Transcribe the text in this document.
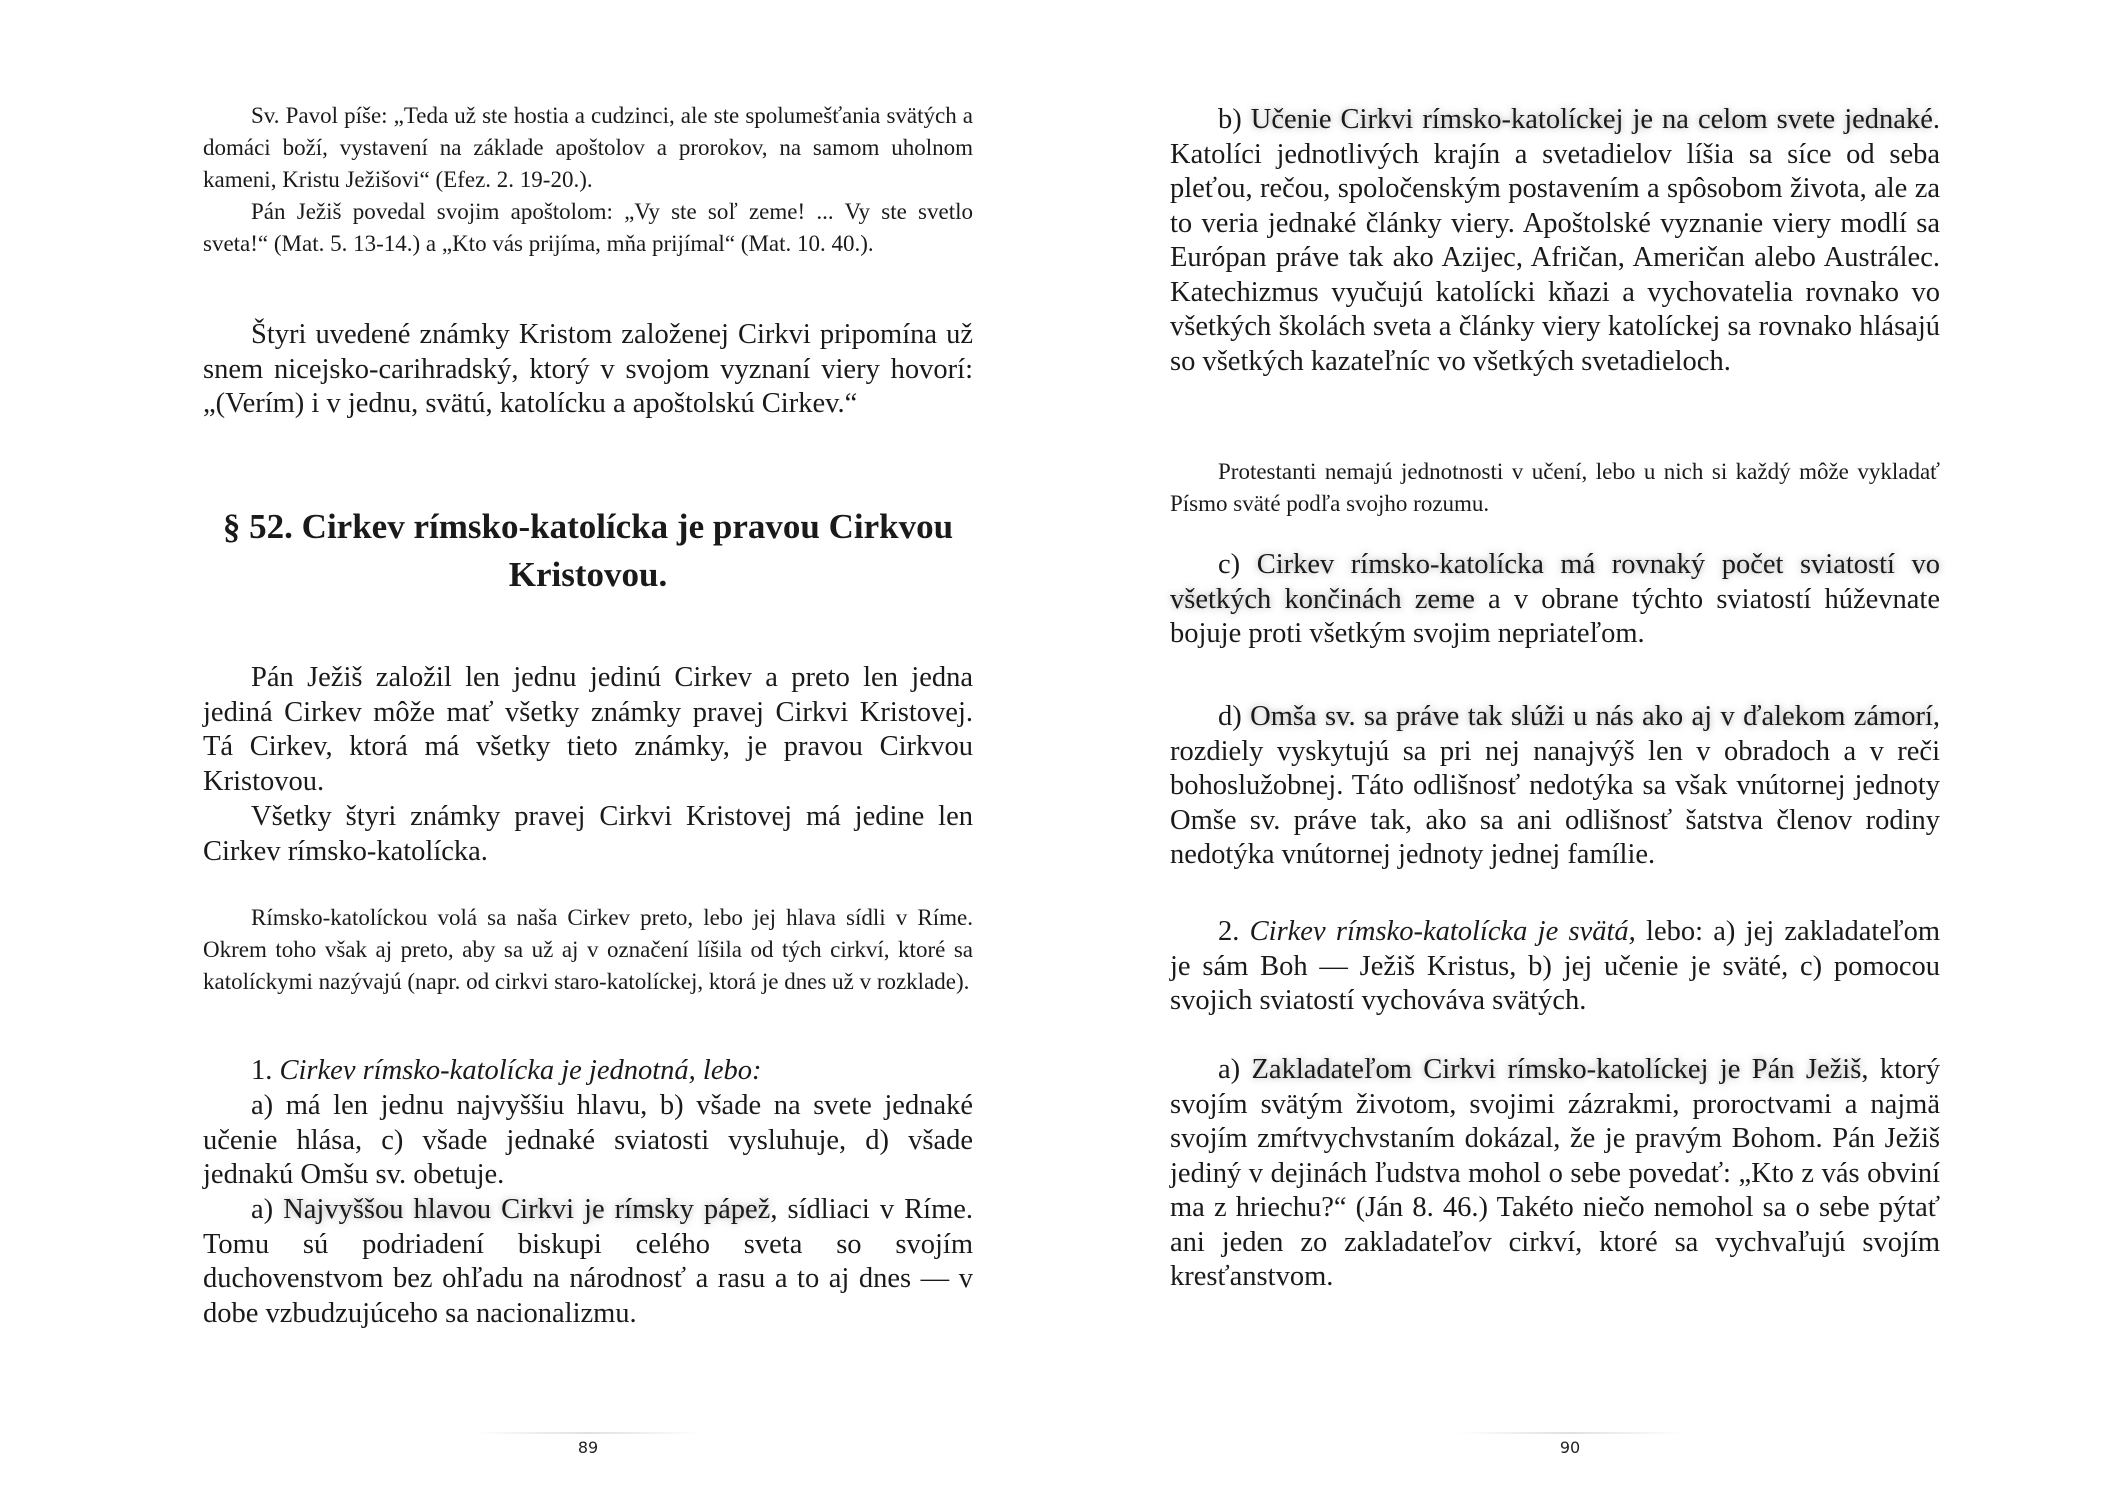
Sv. Pavol píše: „Teda už ste hostia a cudzinci, ale ste spolumešťania svätých a domáci boží, vystavení na základe apoštolov a prorokov, na samom uholnom kameni, Kristu Ježišovi“ (Efez. 2. 19-20.).

Pán Ježiš povedal svojim apoštolom: „Vy ste soľ zeme! ... Vy ste svetlo sveta!“ (Mat. 5. 13-14.) a „Kto vás prijíma, mňa prijímal“ (Mat. 10. 40.).

Štyri uvedené známky Kristom založenej Cirkvi pripomína už snem nicejsko-carihradský, ktorý v svojom vyznaní viery hovorí: „(Verím) i v jednu, svätú, katolícku a apoštolskú Cirkev.“

§ 52. Cirkev rímsko-katolícka je pravou Cirkvou Kristovou.

Pán Ježiš založil len jednu jedinú Cirkev a preto len jedna jediná Cirkev môže mať všetky známky pravej Cirkvi Kristovej. Tá Cirkev, ktorá má všetky tieto známky, je pravou Cirkvou Kristovou.

Všetky štyri známky pravej Cirkvi Kristovej má jedine len Cirkev rímsko-katolícka.

Rímsko-katolíckou volá sa naša Cirkev preto, lebo jej hlava sídli v Ríme. Okrem toho však aj preto, aby sa už aj v označení líšila od tých cirkví, ktoré sa katolíckymi nazývajú (napr. od cirkvi staro-katolíckej, ktorá je dnes už v rozklade).

1. Cirkev rímsko-katolícka je jednotná, lebo:

a) má len jednu najvyššiu hlavu, b) všade na svete jednaké učenie hlása, c) všade jednaké sviatosti vysluhuje, d) všade jednakú Omšu sv. obetuje.

a) Najvyššou hlavou Cirkvi je rímsky pápež, sídliaci v Ríme. Tomu sú podriadení biskupi celého sveta so svojím duchovenstvom bez ohľadu na národnosť a rasu a to aj dnes — v dobe vzbudzujúceho sa nacionalizmu.

89

b) Učenie Cirkvi rímsko-katolíckej je na celom svete jednaké. Katolíci jednotlivých krajín a svetadielov líšia sa síce od seba pleťou, rečou, spoločenským postavením a spôsobom života, ale za to veria jednaké články viery. Apoštolské vyznanie viery modlí sa Európan práve tak ako Azijec, Afričan, Američan alebo Austrálec. Katechizmus vyučujú katolícki kňazi a vychovatelia rovnako vo všetkých školách sveta a články viery katolíckej sa rovnako hlásajú so všetkých kazateľníc vo všetkých svetadieloch.

Protestanti nemajú jednotnosti v učení, lebo u nich si každý môže vykladať Písmo sväté podľa svojho rozumu.

c) Cirkev rímsko-katolícka má rovnaký počet sviatostí vo všetkých končinách zeme a v obrane týchto sviatostí húževnate bojuje proti všetkým svojim nepriateľom.

d) Omša sv. sa práve tak slúži u nás ako aj v ďalekom zámorí, rozdiely vyskytujú sa pri nej nanajvýš len v obradoch a v reči bohoslužobnej. Táto odlišnosť nedotýka sa však vnútornej jednoty Omše sv. práve tak, ako sa ani odlišnosť šatstva členov rodiny nedotýka vnútornej jednoty jednej famílie.

2. Cirkev rímsko-katolícka je svätá, lebo: a) jej zakladateľom je sám Boh — Ježiš Kristus, b) jej učenie je sväté, c) pomocou svojich sviatostí vychováva svätých.

a) Zakladateľom Cirkvi rímsko-katolíckej je Pán Ježiš, ktorý svojím svätým životom, svojimi zázrakmi, proroctvami a najmä svojím zmŕtvychvstaním dokázal, že je pravým Bohom. Pán Ježiš jediný v dejinách ľudstva mohol o sebe povedať: „Kto z vás obviní ma z hriechu?“ (Ján 8. 46.) Takéto niečo nemohol sa o sebe pýtať ani jeden zo zakladateľov cirkví, ktoré sa vychvaľujú svojím kresťanstvom.

90
